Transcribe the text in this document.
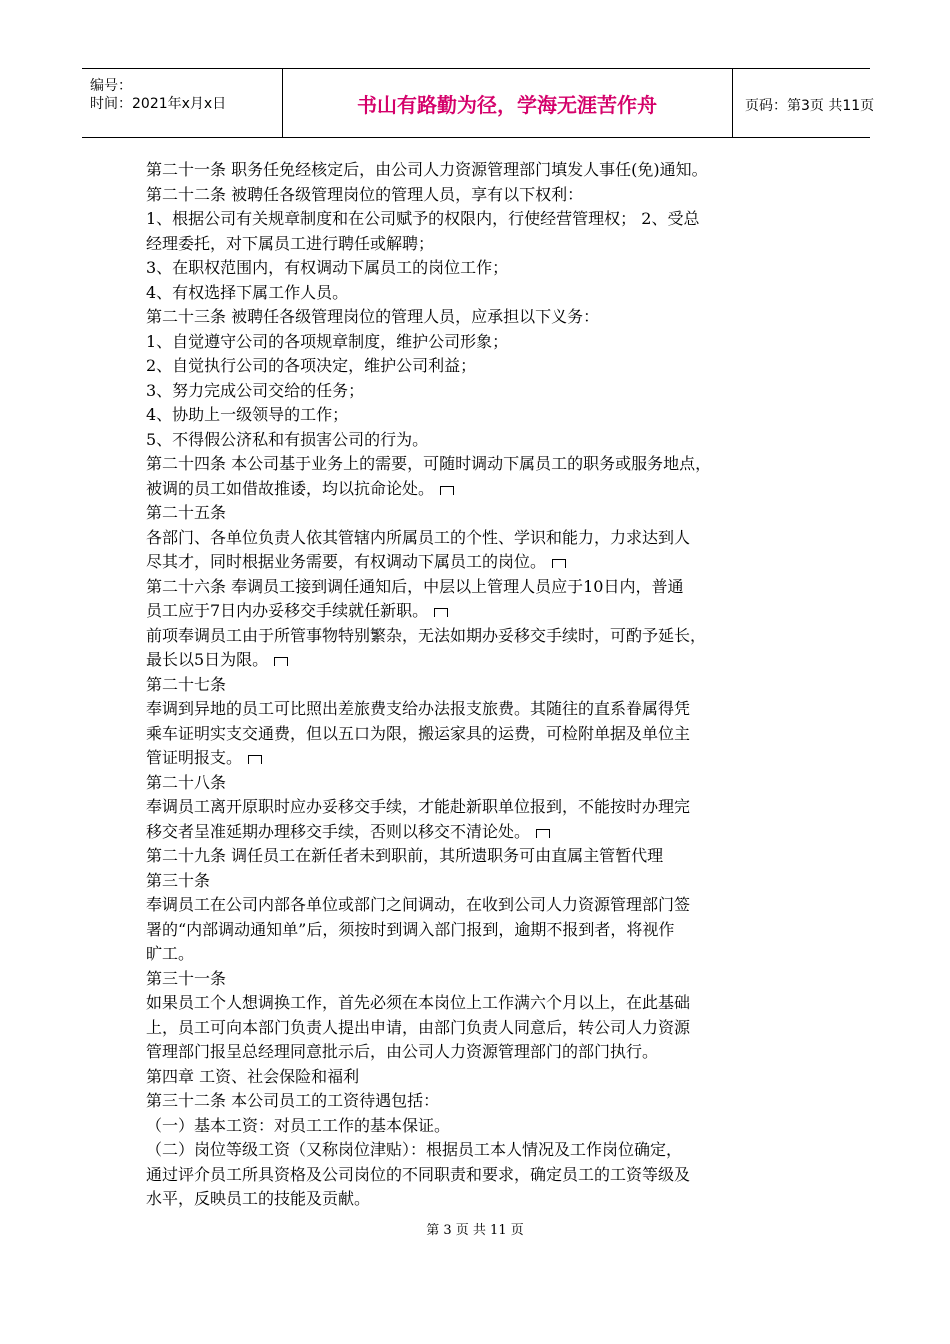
编号：
时间：2021年x月x日	书山有路勤为径，学海无涯苦作舟	页码：第3页 共11页
第二十一条 职务任免经核定后，由公司人力资源管理部门填发人事任(免)通知。
第二十二条 被聘任各级管理岗位的管理人员，享有以下权利：
1、根据公司有关规章制度和在公司赋予的权限内，行使经营管理权； 2、受总
经理委托，对下属员工进行聘任或解聘；
3、在职权范围内，有权调动下属员工的岗位工作；
4、有权选择下属工作人员。
第二十三条 被聘任各级管理岗位的管理人员，应承担以下义务：
1、自觉遵守公司的各项规章制度，维护公司形象；
2、自觉执行公司的各项决定，维护公司利益；
3、努力完成公司交给的任务；
4、协助上一级领导的工作；
5、不得假公济私和有损害公司的行为。
第二十四条 本公司基于业务上的需要，可随时调动下属员工的职务或服务地点，
被调的员工如借故推诿，均以抗命论处。
第二十五条
各部门、各单位负责人依其管辖内所属员工的个性、学识和能力，力求达到人
尽其才，同时根据业务需要，有权调动下属员工的岗位。
第二十六条 奉调员工接到调任通知后，中层以上管理人员应于10日内，普通
员工应于7日内办妥移交手续就任新职。
前项奉调员工由于所管事物特别繁杂，无法如期办妥移交手续时，可酌予延长，
最长以5日为限。
第二十七条
奉调到异地的员工可比照出差旅费支给办法报支旅费。其随往的直系眷属得凭
乘车证明实支交通费，但以五口为限，搬运家具的运费，可检附单据及单位主
管证明报支。
第二十八条
奉调员工离开原职时应办妥移交手续，才能赴新职单位报到，不能按时办理完
移交者呈准延期办理移交手续，否则以移交不清论处。
第二十九条 调任员工在新任者未到职前，其所遗职务可由直属主管暂代理
第三十条
奉调员工在公司内部各单位或部门之间调动，在收到公司人力资源管理部门签
署的“内部调动通知单”后，须按时到调入部门报到，逾期不报到者，将视作
旷工。
第三十一条
如果员工个人想调换工作，首先必须在本岗位上工作满六个月以上，在此基础
上，员工可向本部门负责人提出申请，由部门负责人同意后，转公司人力资源
管理部门报呈总经理同意批示后，由公司人力资源管理部门的部门执行。
第四章 工资、社会保险和福利
第三十二条 本公司员工的工资待遇包括：
（一）基本工资：对员工工作的基本保证。
（二）岗位等级工资（又称岗位津贴）：根据员工本人情况及工作岗位确定，
通过评介员工所具资格及公司岗位的不同职责和要求，确定员工的工资等级及
水平，反映员工的技能及贡献。
第 3 页 共 11 页
